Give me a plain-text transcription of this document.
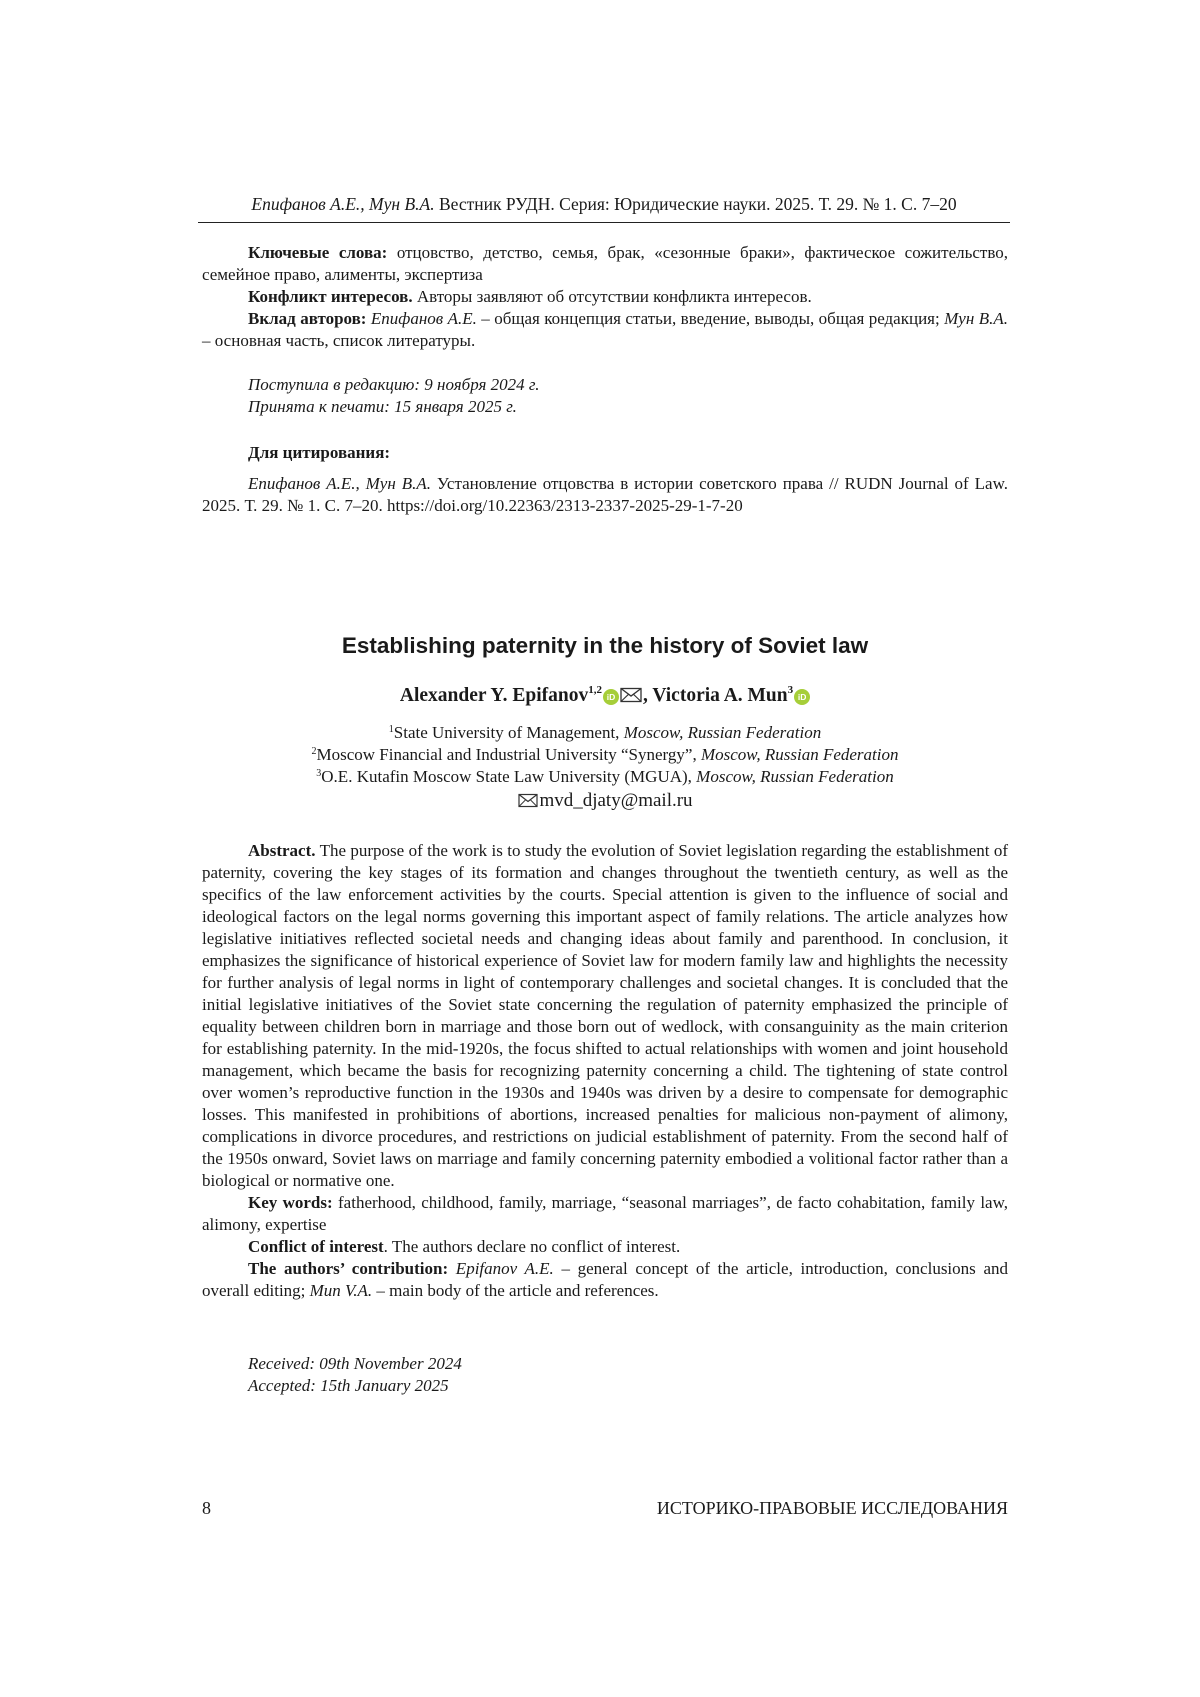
Епифанов А.Е., Мун В.А. Вестник РУДН. Серия: Юридические науки. 2025. Т. 29. № 1. С. 7–20

Ключевые слова: отцовство, детство, семья, брак, «сезонные браки», фактическое сожительство, семейное право, алименты, экспертиза

Конфликт интересов. Авторы заявляют об отсутствии конфликта интересов.

Вклад авторов: Епифанов А.Е. – общая концепция статьи, введение, выводы, общая редакция; Мун В.А. – основная часть, список литературы.

Поступила в редакцию: 9 ноября 2024 г.

Принята к печати: 15 января 2025 г.

Для цитирования:

Епифанов А.Е., Мун В.А. Установление отцовства в истории советского права // RUDN Journal of Law. 2025. Т. 29. № 1. С. 7–20. https://doi.org/10.22363/2313-2337-2025-29-1-7-20

Establishing paternity in the history of Soviet law
Alexander Y. Epifanov1,2iD , Victoria A. Mun3iD
1State University of Management, Moscow, Russian Federation
2Moscow Financial and Industrial University “Synergy”, Moscow, Russian Federation
3O.E. Kutafin Moscow State Law University (MGUA), Moscow, Russian Federation
mvd_djaty@mail.ru

Abstract. The purpose of the work is to study the evolution of Soviet legislation regarding the establishment of paternity, covering the key stages of its formation and changes throughout the twentieth century, as well as the specifics of the law enforcement activities by the courts. Special attention is given to the influence of social and ideological factors on the legal norms governing this important aspect of family relations. The article analyzes how legislative initiatives reflected societal needs and changing ideas about family and parenthood. In conclusion, it emphasizes the significance of historical experience of Soviet law for modern family law and highlights the necessity for further analysis of legal norms in light of contemporary challenges and societal changes. It is concluded that the initial legislative initiatives of the Soviet state concerning the regulation of paternity emphasized the principle of equality between children born in marriage and those born out of wedlock, with consanguinity as the main criterion for establishing paternity. In the mid-1920s, the focus shifted to actual relationships with women and joint household management, which became the basis for recognizing paternity concerning a child. The tightening of state control over women’s reproductive function in the 1930s and 1940s was driven by a desire to compensate for demographic losses. This manifested in prohibitions of abortions, increased penalties for malicious non-payment of alimony, complications in divorce procedures, and restrictions on judicial establishment of paternity. From the second half of the 1950s onward, Soviet laws on marriage and family concerning paternity embodied a volitional factor rather than a biological or normative one.

Key words: fatherhood, childhood, family, marriage, “seasonal marriages”, de facto cohabitation, family law, alimony, expertise

Conflict of interest. The authors declare no conflict of interest.

The authors’ contribution: Epifanov A.E. – general concept of the article, introduction, conclusions and overall editing; Mun V.A. – main body of the article and references.

Received: 09th November 2024

Accepted: 15th January 2025

8	ИСТОРИКО-ПРАВОВЫЕ ИССЛЕДОВАНИЯ
